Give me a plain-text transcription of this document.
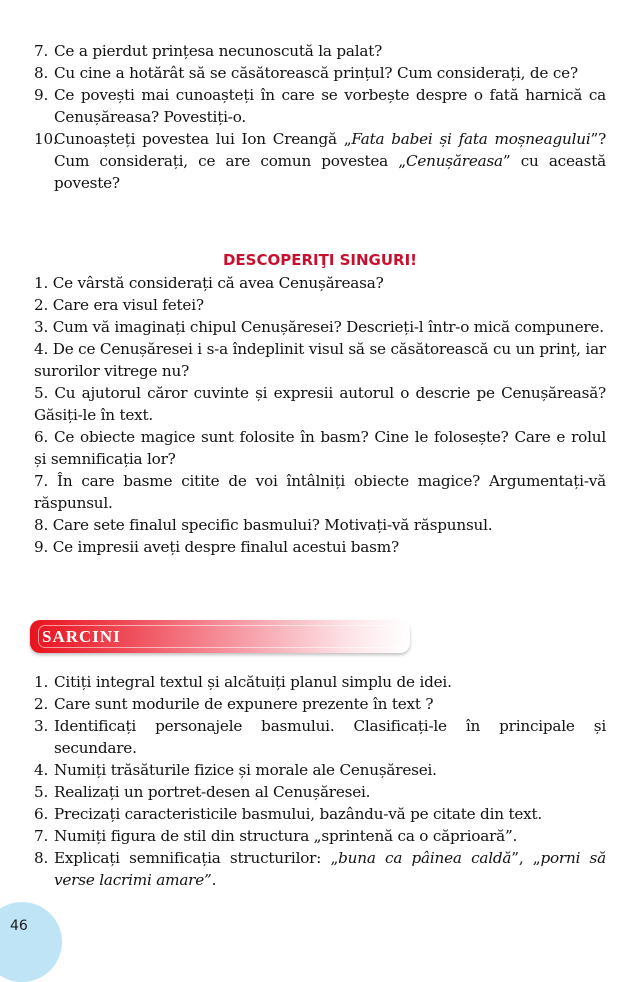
7. Ce a pierdut prințesa necunoscută la palat?
8. Cu cine a hotărât să se căsătorească prințul? Cum considerați, de ce?
9. Ce povești mai cunoașteți în care se vorbește despre o fată harnică ca Cenușăreasa? Povestiți-o.
10.
Cunoașteți povestea lui Ion Creangă „Fata babei și fata moșneagului”? Cum considerați, ce are comun povestea „Cenușăreasa” cu această poveste?
DESCOPERIŢI SINGURI!
1. Ce vârstă considerați că avea Cenușăreasa?
2. Care era visul fetei?
3. Cum vă imaginați chipul Cenușăresei? Descrieți-l într-o mică compunere.
4. De ce Cenușăresei i s-a îndeplinit visul să se căsătorească cu un prinț, iar surorilor vitrege nu?
5. Cu ajutorul căror cuvinte și expresii autorul o descrie pe Cenușăreasă? Găsiți-le în text.
6. Ce obiecte magice sunt folosite în basm? Cine le folosește? Care e rolul și semnificația lor?
7. În care basme citite de voi întâlniți obiecte magice? Argumentați-vă răspunsul.
8. Care sete finalul specific basmului? Motivați-vă răspunsul.
9. Ce impresii aveți despre finalul acestui basm?
SARCINI
1. Citiți integral textul și alcătuiți planul simplu de idei.
2. Care sunt modurile de expunere prezente în text ?
3. Identificați personajele basmului. Clasificați-le în principale și secundare.
4. Numiți trăsăturile fizice și morale ale Cenușăresei.
5. Realizați un portret-desen al Cenușăresei.
6. Precizați caracteristicile basmului, bazându-vă pe citate din text.
7. Numiți figura de stil din structura „sprintenă ca o căprioară”.
8. Explicați semnificația structurilor: „buna ca pâinea caldă”, „porni să verse lacrimi amare”.
46
